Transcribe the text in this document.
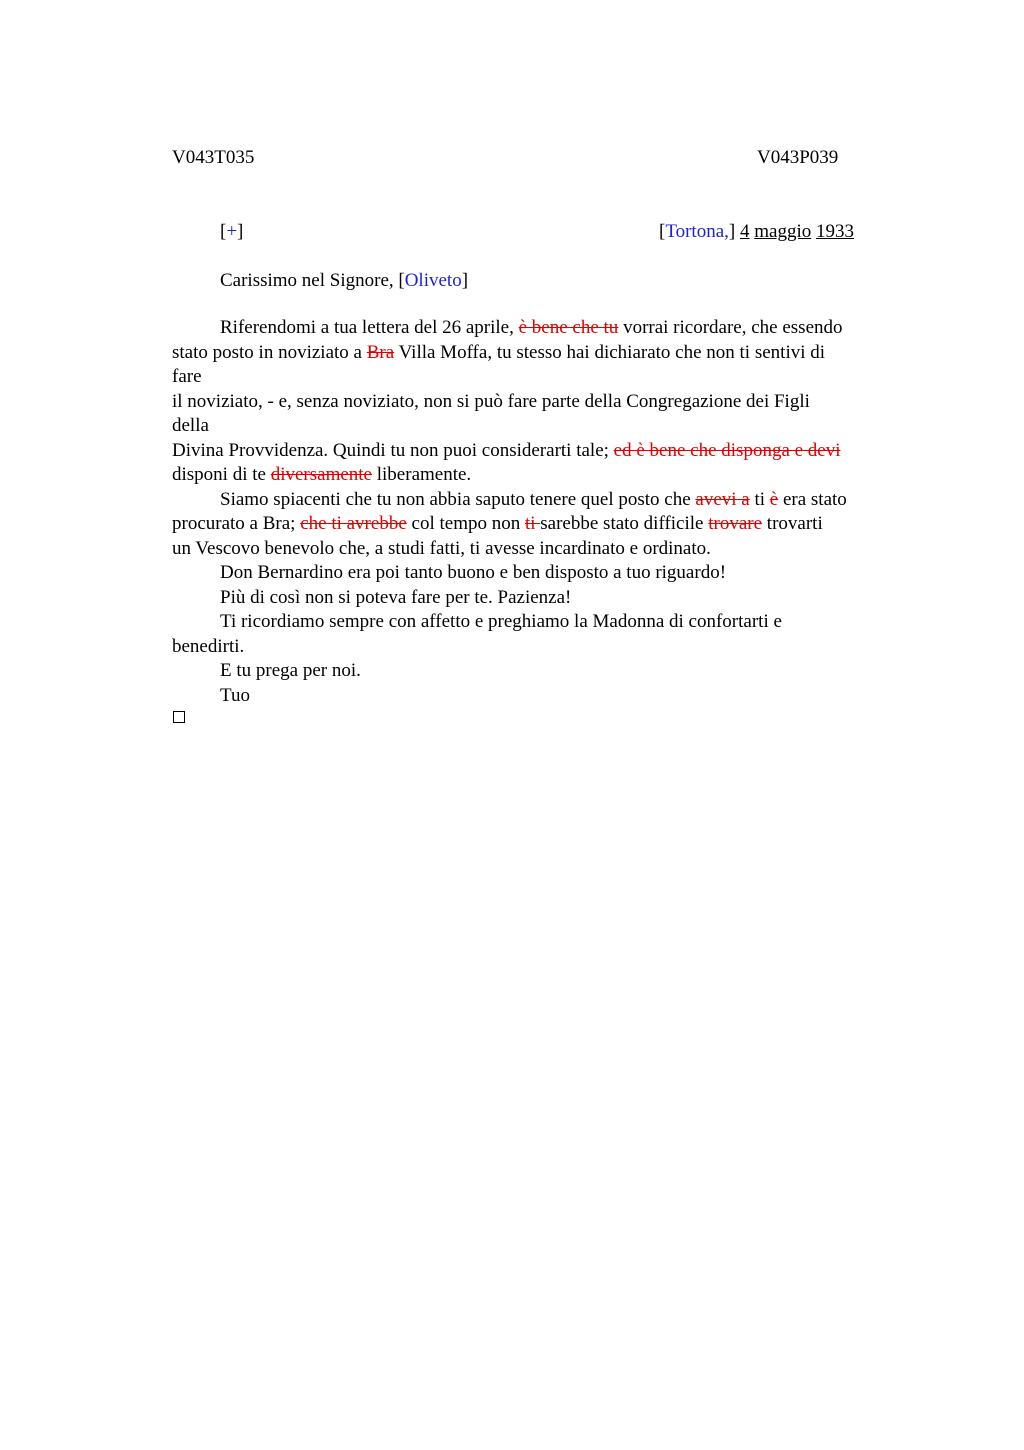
V043T035	V043P039
[+]	[Tortona,] 4 maggio 1933
Carissimo nel Signore, [Oliveto]
Riferendomi a tua lettera del 26 aprile, è bene che tu vorrai ricordare, che essendo
stato posto in noviziato a Bra Villa Moffa, tu stesso hai dichiarato che non ti sentivi di
fare
il noviziato, - e, senza noviziato, non si può fare parte della Congregazione dei Figli
della
Divina Provvidenza. Quindi tu non puoi considerarti tale; ed è bene che disponga e devi
disponi di te diversamente liberamente.
Siamo spiacenti che tu non abbia saputo tenere quel posto che avevi a ti è era stato
procurato a Bra; che ti avrebbe col tempo non ti sarebbe stato difficile trovare trovarti
un Vescovo benevolo che, a studi fatti, ti avesse incardinato e ordinato.
Don Bernardino era poi tanto buono e ben disposto a tuo riguardo!
Più di così non si poteva fare per te. Pazienza!
Ti ricordiamo sempre con affetto e preghiamo la Madonna di confortarti e
benedirti.
E tu prega per noi.
Tuo
